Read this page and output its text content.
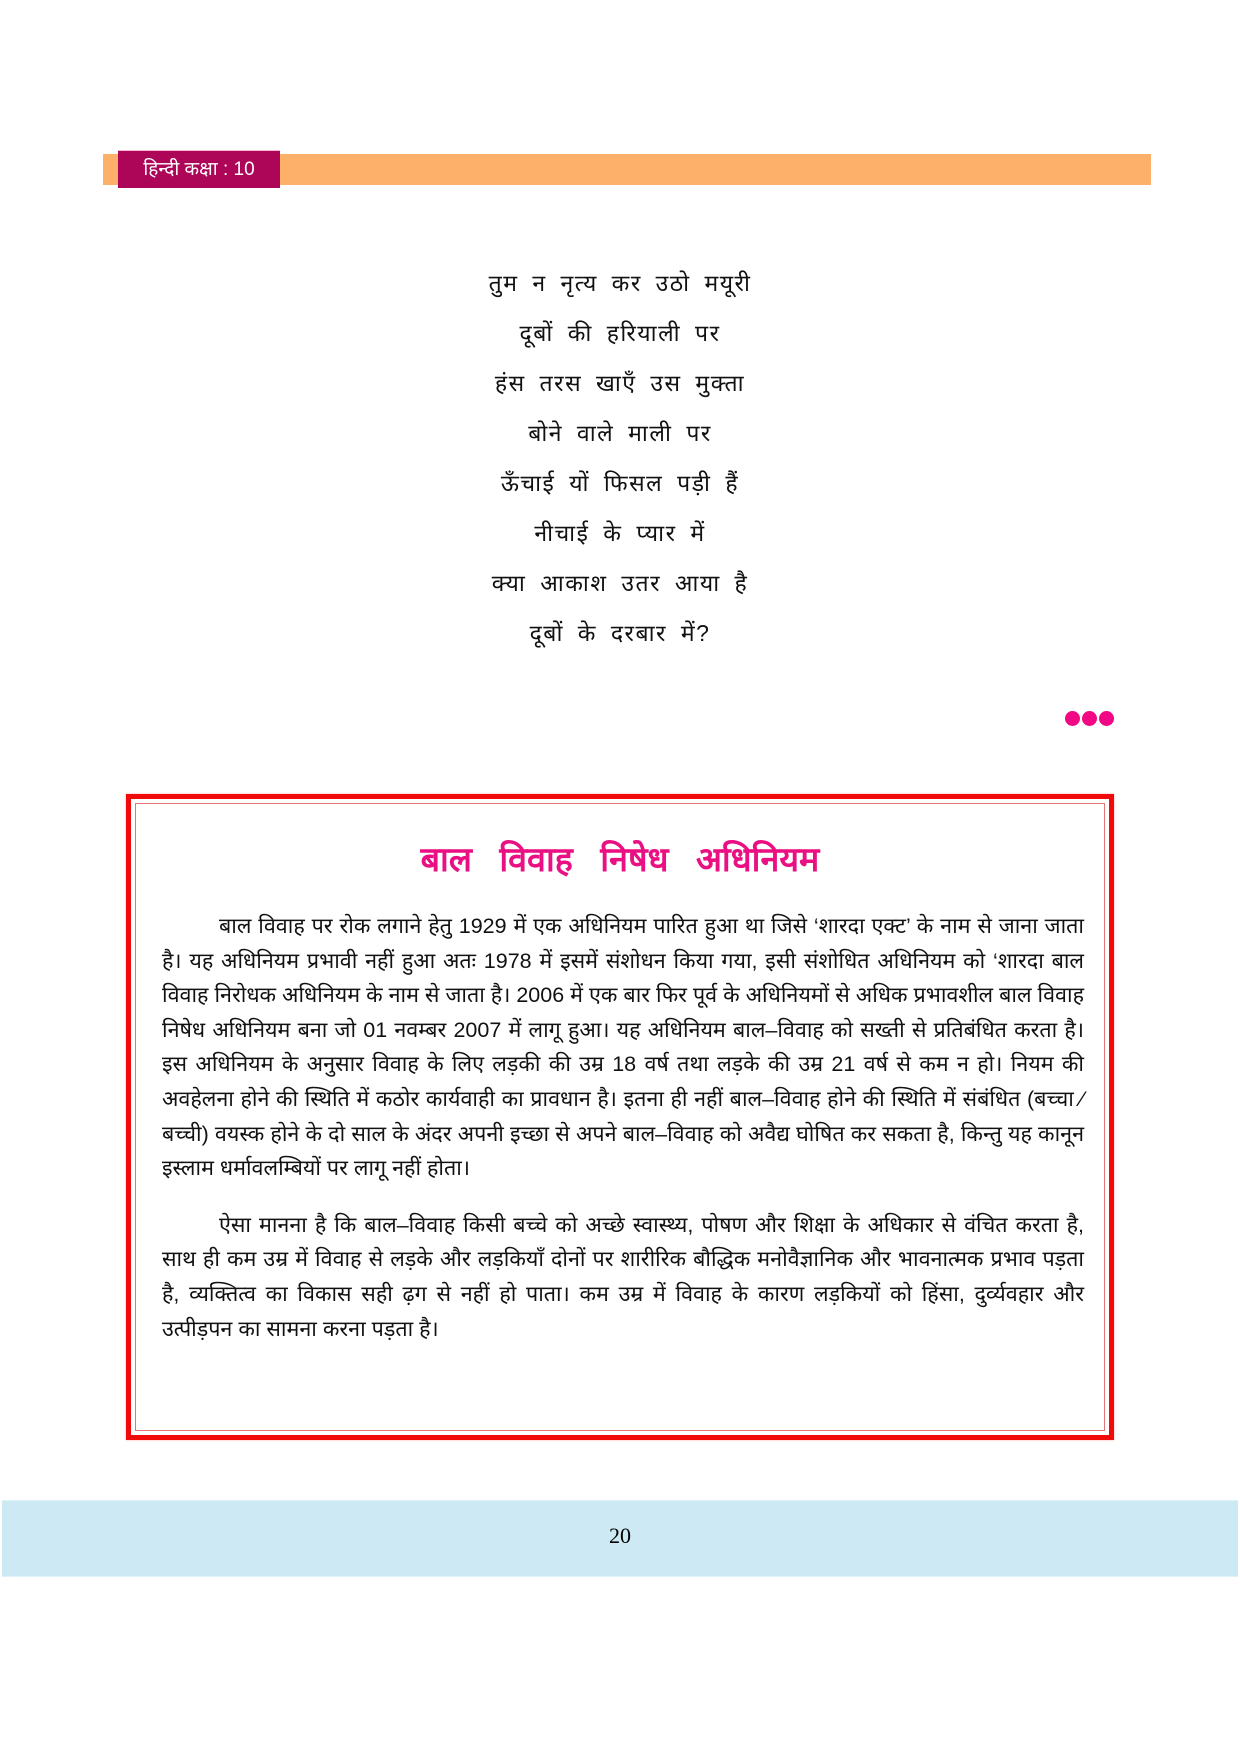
हिन्दी कक्षा : 10
तुम न नृत्य कर उठो मयूरी
दूबों की हरियाली पर
हंस तरस खाएँ उस मुक्ता
बोने वाले माली पर
ऊँचाई यों फिसल पड़ी हैं
नीचाई के प्यार में
क्या आकाश उतर आया है
दूबों के दरबार में?
बाल विवाह निषेध अधिनियम

बाल विवाह पर रोक लगाने हेतु 1929 में एक अधिनियम पारित हुआ था जिसे ‘शारदा एक्ट’ के नाम से जाना जाता है। यह अधिनियम प्रभावी नहीं हुआ अतः 1978 में इसमें संशोधन किया गया, इसी संशोधित अधिनियम को ‘शारदा बाल विवाह निरोधक अधिनियम के नाम से जाता है। 2006 में एक बार फिर पूर्व के अधिनियमों से अधिक प्रभावशील बाल विवाह निषेध अधिनियम बना जो 01 नवम्बर 2007 में लागू हुआ। यह अधिनियम बाल–विवाह को सख्ती से प्रतिबंधित करता है। इस अधिनियम के अनुसार विवाह के लिए लड़की की उम्र 18 वर्ष तथा लड़के की उम्र 21 वर्ष से कम न हो। नियम की अवहेलना होने की स्थिति में कठोर कार्यवाही का प्रावधान है। इतना ही नहीं बाल–विवाह होने की स्थिति में संबंधित (बच्चा ⁄ बच्ची) वयस्क होने के दो साल के अंदर अपनी इच्छा से अपने बाल–विवाह को अवैद्य घोषित कर सकता है, किन्तु यह कानून इस्लाम धर्मावलम्बियों पर लागू नहीं होता।

ऐसा मानना है कि बाल–विवाह किसी बच्चे को अच्छे स्वास्थ्य, पोषण और शिक्षा के अधिकार से वंचित करता है, साथ ही कम उम्र में विवाह से लड़के और लड़कियाँ दोनों पर शारीरिक बौद्धिक मनोवैज्ञानिक और भावनात्मक प्रभाव पड़ता है, व्यक्तित्व का विकास सही ढ़ग से नहीं हो पाता। कम उम्र में विवाह के कारण लड़कियों को हिंसा, दुर्व्यवहार और उत्पीड़पन का सामना करना पड़ता है।

20
